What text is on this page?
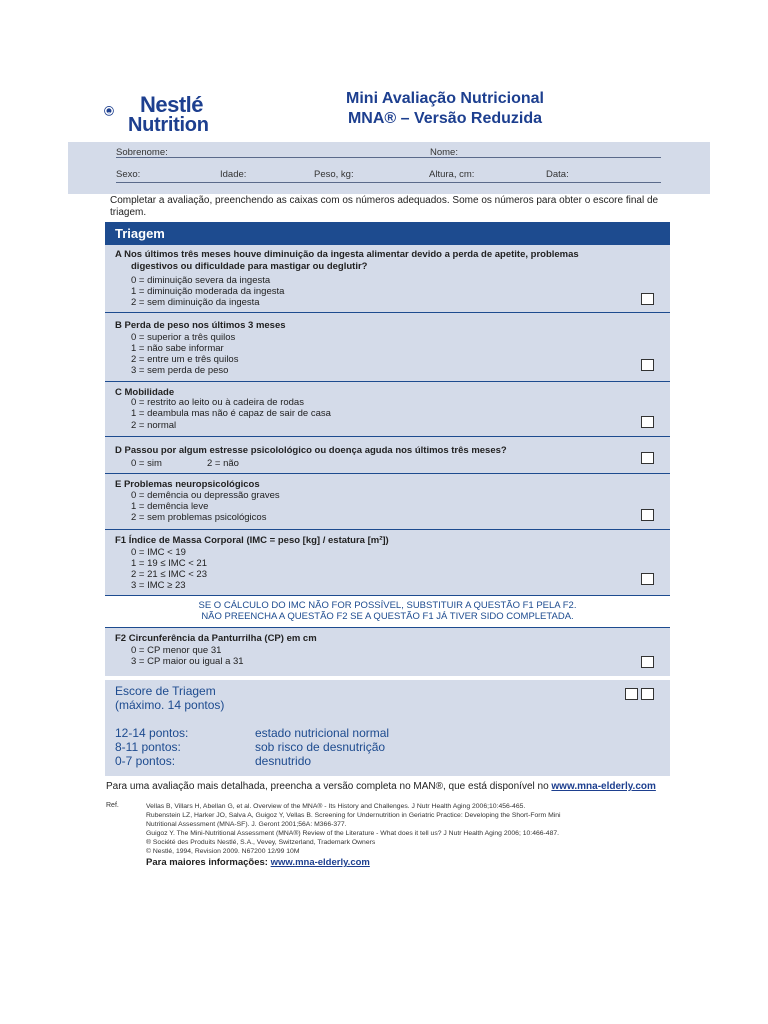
Nestlé
Nutrition
Mini Avaliação Nutricional
MNA® – Versão Reduzida
Sobrenome:	Nome:
Sexo:	Idade:	Peso, kg:	Altura, cm:	Data:
Completar a avaliação, preenchendo as caixas com os números adequados. Some os números para obter o escore final de triagem.
Triagem
A Nos últimos três meses houve diminuição da ingesta alimentar devido a perda de apetite, problemas
digestivos ou dificuldade para mastigar ou deglutir?
0 = diminuição severa da ingesta
1 = diminuição moderada da ingesta
2 = sem diminuição da ingesta
B Perda de peso nos últimos 3 meses
0 = superior a três quilos
1 = não sabe informar
2 = entre um e três quilos
3 = sem perda de peso
C Mobilidade
0 = restrito ao leito ou à cadeira de rodas
1 = deambula mas não é capaz de sair de casa
2 = normal
D Passou por algum estresse psicolológico ou doença aguda nos últimos três meses?
0 = sim	2 = não
E Problemas neuropsicológicos
0 = demência ou depressão graves
1 = demência leve
2 = sem problemas psicológicos
F1 Índice de Massa Corporal (IMC = peso [kg] / estatura [m²])
0 = IMC < 19
1 = 19 ≤ IMC < 21
2 = 21 ≤ IMC < 23
3 = IMC ≥ 23
SE O CÁLCULO DO IMC NÃO FOR POSSÍVEL, SUBSTITUIR A QUESTÃO F1 PELA F2.
NÃO PREENCHA A QUESTÃO F2 SE A QUESTÃO F1 JÁ TIVER SIDO COMPLETADA.
F2 Circunferência da Panturrilha (CP) em cm
0 = CP menor que 31
3 = CP maior ou igual a 31
Escore de Triagem
(máximo. 14 pontos)
12-14 pontos:	estado nutricional normal
8-11 pontos:	sob risco de desnutrição
0-7 pontos:	desnutrido
Para uma avaliação mais detalhada, preencha a versão completa no MAN®, que está disponível no www.mna-elderly.com
Ref.	Vellas B, Villars H, Abellan G, et al. Overview of the MNA® - Its History and Challenges. J Nutr Health Aging 2006;10:456-465.
Rubenstein LZ, Harker JO, Salva A, Guigoz Y, Vellas B. Screening for Undernutrition in Geriatric Practice: Developing the Short-Form Mini
Nutritional Assessment (MNA-SF). J. Geront 2001;56A: M366-377.
Guigoz Y. The Mini-Nutritional Assessment (MNA®) Review of the Literature - What does it tell us? J Nutr Health Aging 2006; 10:466-487.
® Société des Produits Nestlé, S.A., Vevey, Switzerland, Trademark Owners
© Nestlé, 1994, Revision 2009. N67200 12/99 10M
Para maiores informações: www.mna-elderly.com
